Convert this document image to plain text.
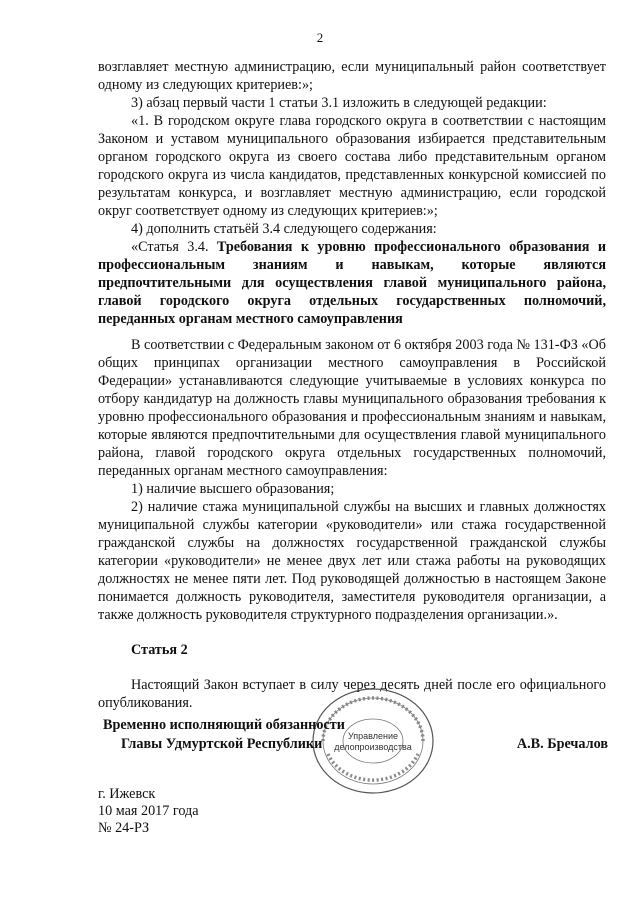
2

возглавляет местную администрацию, если муниципальный район соответствует одному из следующих критериев:»;

3) абзац первый части 1 статьи 3.1 изложить в следующей редакции:

«1. В городском округе глава городского округа в соответствии с настоящим Законом и уставом муниципального образования избирается представительным органом городского округа из своего состава либо представительным органом городского округа из числа кандидатов, представленных конкурсной комиссией по результатам конкурса, и возглавляет местную администрацию, если городской округ соответствует одному из следующих критериев:»;

4) дополнить статьёй 3.4 следующего содержания:

«Статья 3.4. Требования к уровню профессионального образования и профессиональным знаниям и навыкам, которые являются предпочтительными для осуществления главой муниципального района, главой городского округа отдельных государственных полномочий, переданных органам местного самоуправления

В соответствии с Федеральным законом от 6 октября 2003 года № 131-ФЗ «Об общих принципах организации местного самоуправления в Российской Федерации» устанавливаются следующие учитываемые в условиях конкурса по отбору кандидатур на должность главы муниципального образования требования к уровню профессионального образования и профессиональным знаниям и навыкам, которые являются предпочтительными для осуществления главой муниципального района, главой городского округа отдельных государственных полномочий, переданных органам местного самоуправления:

1) наличие высшего образования;

2) наличие стажа муниципальной службы на высших и главных должностях муниципальной службы категории «руководители» или стажа государственной гражданской службы на должностях государственной гражданской службы категории «руководители» не менее двух лет или стажа работы на руководящих должностях не менее пяти лет. Под руководящей должностью в настоящем Законе понимается должность руководителя, заместителя руководителя организации, а также должность руководителя структурного подразделения организации.».

Статья 2

Настоящий Закон вступает в силу через десять дней после его официального опубликования.

Управление
делопроизводства
Временно исполняющий обязанности
Главы Удмуртской Республики	А.В. Бречалов
г. Ижевск
10 мая 2017 года
№ 24-РЗ
